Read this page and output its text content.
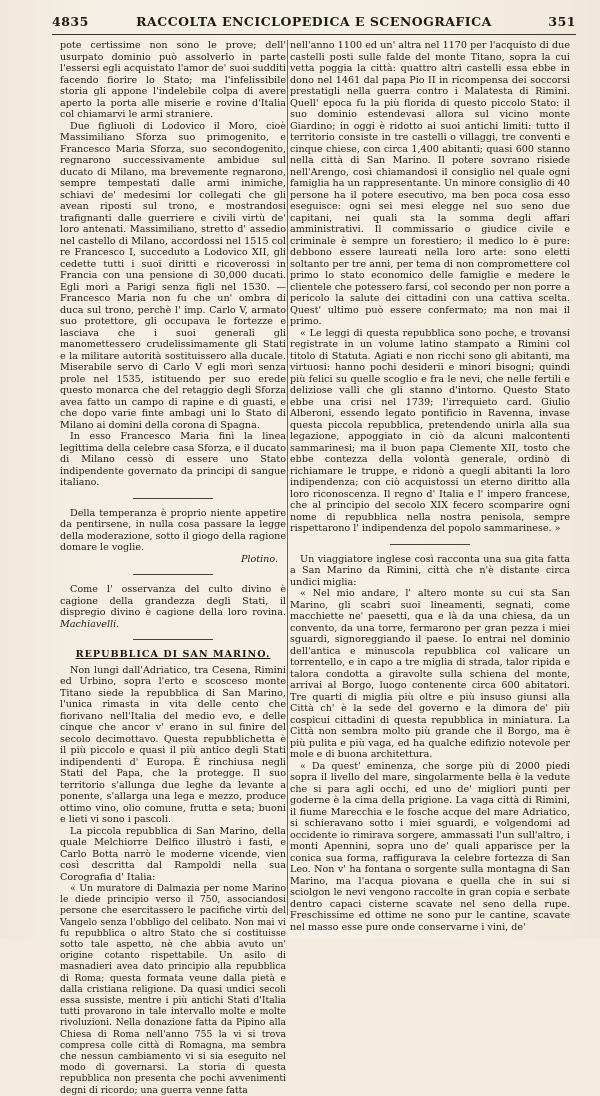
4835	RACCOLTA ENCICLOPEDICA E SCENOGRAFICA	351

pote certissime non sono le prove; dell' usurpato dominio può assolverlo in parte l'essersi egli acquistato l'amor de' suoi sudditi facendo fiorire lo Stato; ma l'infelissibile storia gli appone l'indelebile colpa di avere aperto la porta alle miserie e rovine d'Italia col chiamarvi le armi straniere.

Due figliuoli di Lodovico il Moro, cioè Massimiliano Sforza suo primogenito, e Francesco Maria Sforza, suo secondogenito, regnarono successivamente ambidue sul ducato di Milano, ma brevemente regnarono, sempre tempestati dalle armi inimiche, schiavi de' medesimi lor collegati che gli avean riposti sul trono, e mostrandosi trafignanti dalle guerriere e civili virtù de' loro antenati. Massimiliano, stretto d' assedio nel castello di Milano, accordossi nel 1515 col re Francesco I, succeduto a Lodovico XII, gli cedette tutti i suoi diritti e ricoverossi in Francia con una pensione di 30,000 ducati. Egli morì a Parigi senza figli nel 1530. — Francesco Maria non fu che un' ombra di duca sul trono, perchè l' imp. Carlo V, armato suo protettore, gli occupava le fortezze e lasciava che i suoi generali gli manomettessero crudelissimamente gli Stati e la militare autorità sostituissero alla ducale. Miserabile servo di Carlo V egli morì senza prole nel 1535, istituendo per suo erede questo monarca che del retaggio degli Sforza avea fatto un campo di rapine e di guasti, e che dopo varie finte ambagi uni lo Stato di Milano ai domini della corona di Spagna.

In esso Francesco Maria finì la linea legittima della celebre casa Sforza, e il ducato di Milano cessò di essere uno Stato indipendente governato da principi di sangue italiano.

Della temperanza è proprio niente appetire da pentirsene, in nulla cosa passare la legge della moderazione, sotto il giogo della ragione domare le voglie.

Plotino.

Come l' osservanza del culto divino è cagione della grandezza degli Stati, il dispregio divino è cagione della loro rovina. Machiavelli.

REPUBBLICA DI SAN MARINO.

Non lungi dall'Adriatico, tra Cesena, Rimini ed Urbino, sopra l'erto e scosceso monte Titano siede la repubblica di San Marino, l'unica rimasta in vita delle cento che fiorivano nell'Italia del medio evo, e delle cinque che ancor v' erano in sul finire del secolo decimottavo. Questa repubblichetta è il più piccolo e quasi il più antico degli Stati indipendenti d' Europa. È rinchiusa negli Stati del Papa, che la protegge. Il suo territorio s'allunga due leghe da levante a ponente, s'allarga una lega e mezzo, produce ottimo vino, olio comune, frutta e seta; buoni e lieti vi sono i pascoli.

La piccola repubblica di San Marino, della quale Melchiorre Delfico illustrò i fasti, e Carlo Botta narrò le moderne vicende, vien così descritta dal Rampoldi nella sua Corografia d' Italia:

« Un muratore di Dalmazia per nome Marino le diede principio verso il 750, associandosi persone che esercitassero le pacifiche virtù del Vangelo senza l'obbligo del celibato. Non mai vi fu repubblica o altro Stato che si costituisse sotto tale aspetto, nè che abbia avuto un' origine cotanto rispettabile. Un asilo di masnadieri avea dato principio alla repubblica di Roma; questa formata veune dalla pietà e dalla cristiana religione. Da quasi undici secoli essa sussiste, mentre i più antichi Stati d'Italia tutti provarono in tale intervallo molte e molte rivoluzioni. Nella donazione fatta da Pipino alla Chiesa di Roma nell'anno 755 la vi si trova compresa colle città di Romagna, ma sembra che nessun cambiamento vi si sia eseguito nel modo di governarsi. La storia di questa repubblica non presenta che pochi avvenimenti degni di ricordo; una guerra venne fatta

nell'anno 1100 ed un' altra nel 1170 per l'acquisto di due castelli posti sulle falde del monte Titano, sopra la cui vetta poggia la città: quattro altri castelli essa ebbe in dono nel 1461 dal papa Pio II in ricompensa dei soccorsi prestatigli nella guerra contro i Malatesta di Rimini. Quell' epoca fu la più florida di questo piccolo Stato: il suo dominio estendevasi allora sul vicino monte Giardino; in oggi è ridotto ai suoi antichi limiti: tutto il territorio consiste in tre castelli o villaggi, tre conventi e cinque chiese, con circa 1,400 abitanti; quasi 600 stanno nella città di San Marino. Il potere sovrano risiede nell'Arengo, così chiamandosi il consiglio nel quale ogni famiglia ha un rappresentante. Un minore consiglio di 40 persone ha il potere esecutivo, ma ben poca cosa esso eseguisce: ogni sei mesi elegge nel suo seno due capitani, nei quali sta la somma degli affari amministrativi. Il commissario o giudice civile e criminale è sempre un forestiero; il medico lo è pure: debbono essere laureati nella loro arte: sono eletti soltanto per tre anni, per tema di non compromettere col primo lo stato economico delle famiglie e medere le clientele che potessero farsi, col secondo per non porre a pericolo la salute dei cittadini con una cattiva scelta. Quest' ultimo può essere confermato; ma non mai il primo.

« Le leggi di questa repubblica sono poche, e trovansi registrate in un volume latino stampato a Rimini col titolo di Statuta. Agiati e non ricchi sono gli abitanti, ma virtuosi: hanno pochi desiderii e minori bisogni; quindi più felici su quelle scoglio e fra le nevi, che nelle fertili e deliziose valli che gli stanno d'intorno. Questo Stato ebbe una crisi nel 1739; l'irrequieto card. Giulio Alberoni, essendo legato pontificio in Ravenna, invase questa piccola repubblica, pretendendo unirla alla sua legazione, appoggiato in ciò da alcuni malcontenti sammarinesi; ma il buon papa Clemente XII, tosto che ebbe contezza della volontà generale, ordinò di richiamare le truppe, e ridonò a quegli abitanti la loro indipendenza; con ciò acquistossi un eterno diritto alla loro riconoscenza. Il regno d' Italia e l' impero francese, che al principio del secolo XIX fecero scomparire ogni nome di repubblica nella nostra penisola, sempre rispettarono l' indipendenza del popolo sammarinese. »

Un viaggiatore inglese così racconta una sua gita fatta a San Marino da Rimini, città che n'è distante circa undici miglia:

« Nel mio andare, l' altero monte su cui sta San Marino, gli scabri suoi lineamenti, segnati, come macchiette ne' paesetti, qua e là da una chiesa, da un convento, da una torre, fermarono per gran pezza i miei sguardi, signoreggiando il paese. Io entrai nel dominio dell'antica e minuscola repubblica col valicare un torrentello, e in capo a tre miglia di strada, talor ripida e talora condotta a giravolte sulla schiena del monte, arrivai al Borgo, luogo contenente circa 600 abitatori. Tre quarti di miglia più oltre e più insuso giunsi alla Città ch' è la sede del governo e la dimora de' più cospicui cittadini di questa repubblica in miniatura. La Città non sembra molto più grande che il Borgo, ma è più pulita e più vaga, ed ha qualche edifizio notevole per mole e di buona architettura.

« Da quest' eminenza, che sorge più di 2000 piedi sopra il livello del mare, singolarmente bella è la vedute che si para agli occhi, ed uno de' migliori punti per goderne è la cima della prigione. La vaga città di Rimini, il fiume Marecchia e le fosche acque del mare Adriatico, si schieravano sotto i miei sguardi, e volgendomi ad occidente io rimirava sorgere, ammassati l'un sull'altro, i monti Apennini, sopra uno de' quali apparisce per la conica sua forma, raffigurava la celebre fortezza di San Leo. Non v' ha fontana o sorgente sulla montagna di San Marino, ma l'acqua piovana e quella che in sui si sciolgon le nevi vengono raccolte in gran copia e serbate dentro capaci cisterne scavate nel seno della rupe. Freschissime ed ottime ne sono pur le cantine, scavate nel masso esse pure onde conservarne i vini, de'
